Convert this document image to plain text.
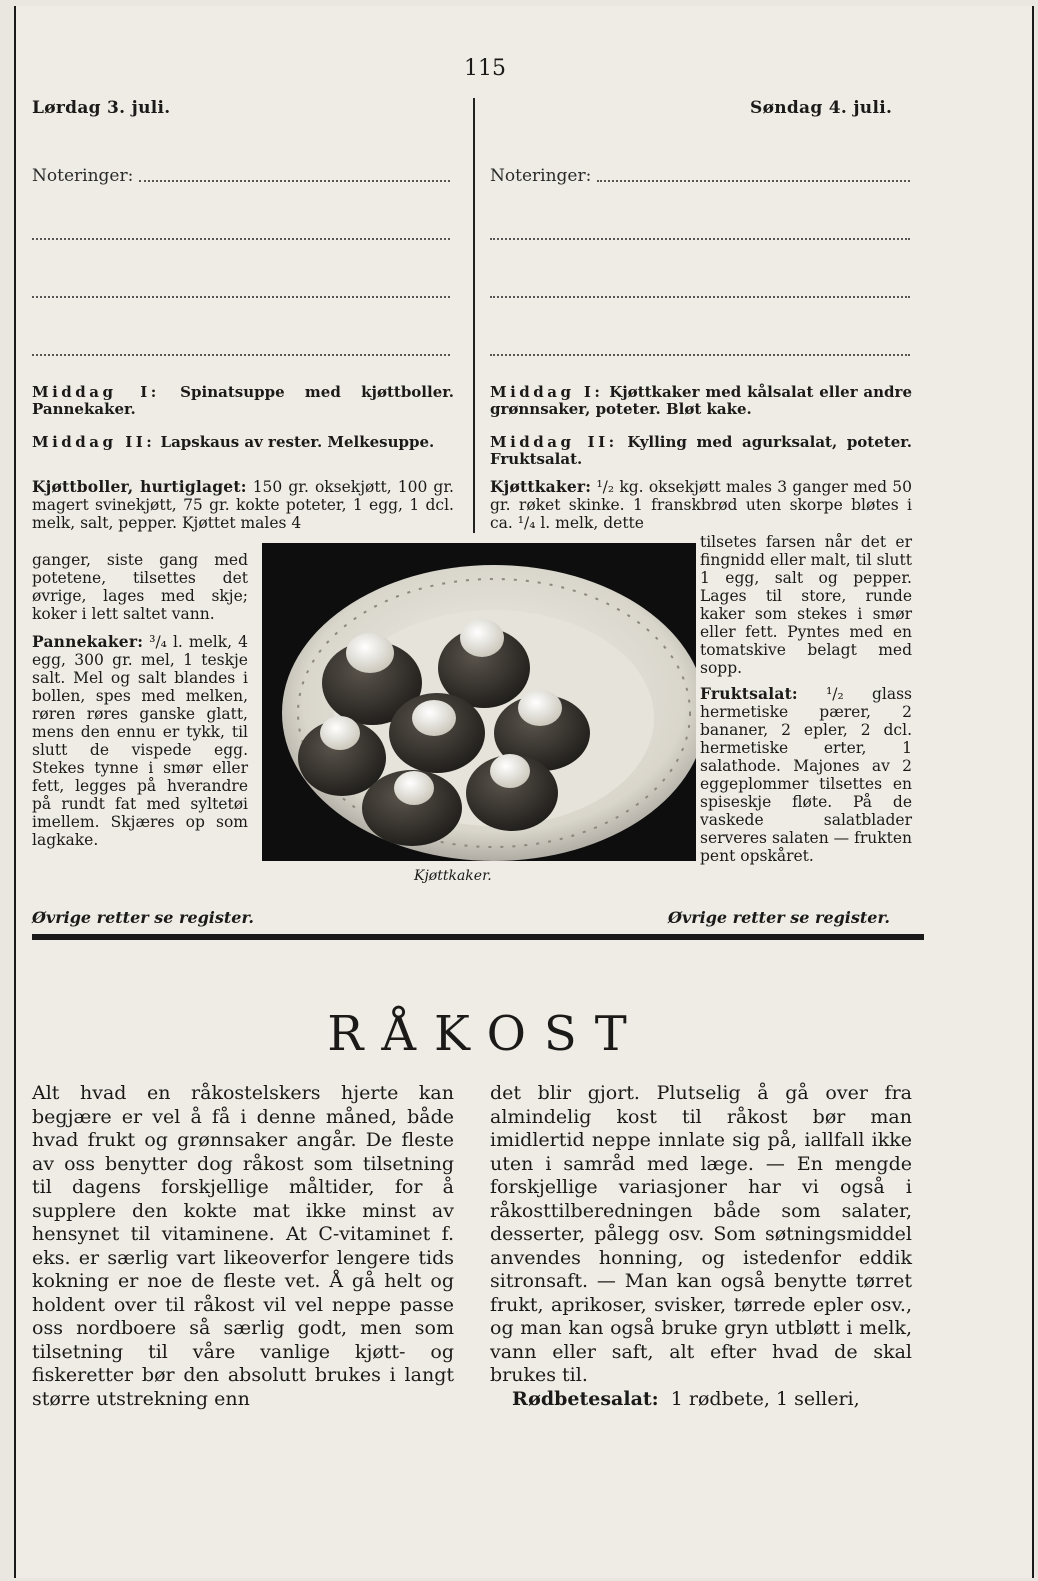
115
Lørdag 3. juli.	Søndag 4. juli.
Noteringer:	Noteringer:
Middag I: Spinatsuppe med kjøttboller. Pannekaker.
Middag II: Lapskaus av rester. Melkesuppe.
Kjøttboller, hurtiglaget: 150 gr. oksekjøtt, 100 gr. magert svinekjøtt, 75 gr. kokte poteter, 1 egg, 1 dcl. melk, salt, pepper. Kjøttet males 4
ganger, siste gang med potetene, tilsettes det øvrige, lages med skje; koker i lett saltet vann.
Pannekaker: ³/₄ l. melk, 4 egg, 300 gr. mel, 1 teskje salt. Mel og salt blandes i bollen, spes med melken, røren røres ganske glatt, mens den ennu er tykk, til slutt de vispede egg. Stekes tynne i smør eller fett, legges på hverandre på rundt fat med syltetøi imellem. Skjæres op som lagkake.
Øvrige retter se register.
Middag I: Kjøttkaker med kålsalat eller andre grønnsaker, poteter. Bløt kake.
Middag II: Kylling med agurksalat, poteter. Fruktsalat.
Kjøttkaker: ¹/₂ kg. oksekjøtt males 3 ganger med 50 gr. røket skinke. 1 franskbrød uten skorpe bløtes i ca. ¹/₄ l. melk, dette
tilsetes farsen når det er fingnidd eller malt, til slutt 1 egg, salt og pepper. Lages til store, runde kaker som stekes i smør eller fett. Pyntes med en tomatskive belagt med sopp.
Fruktsalat: ¹/₂ glass hermetiske pærer, 2 bananer, 2 epler, 2 dcl. hermetiske erter, 1 salathode. Majones av 2 eggeplommer tilsettes en spiseskje fløte. På de vaskede salatblader serveres salaten — frukten pent opskåret.
Øvrige retter se register.
Kjøttkaker.
RÅKOST
Alt hvad en råkostelskers hjerte kan begjære er vel å få i denne måned, både hvad frukt og grønnsaker angår. De fleste av oss benytter dog råkost som tilsetning til dagens forskjellige måltider, for å supplere den kokte mat ikke minst av hensynet til vitaminene. At C-vitaminet f. eks. er særlig vart likeoverfor lengere tids kokning er noe de fleste vet. Å gå helt og holdent over til råkost vil vel neppe passe oss nordboere så særlig godt, men som tilsetning til våre vanlige kjøtt- og fiskeretter bør den absolutt brukes i langt større utstrekning enn
det blir gjort. Plutselig å gå over fra almindelig kost til råkost bør man imidlertid neppe innlate sig på, iallfall ikke uten i samråd med læge. — En mengde forskjellige variasjoner har vi også i råkosttilberedningen både som salater, desserter, pålegg osv. Som søtningsmiddel anvendes honning, og istedenfor eddik sitronsaft. — Man kan også benytte tørret frukt, aprikoser, svisker, tørrede epler osv., og man kan også bruke gryn utbløtt i melk, vann eller saft, alt efter hvad de skal brukes til.
Rødbetesalat: 1 rødbete, 1 selleri,
